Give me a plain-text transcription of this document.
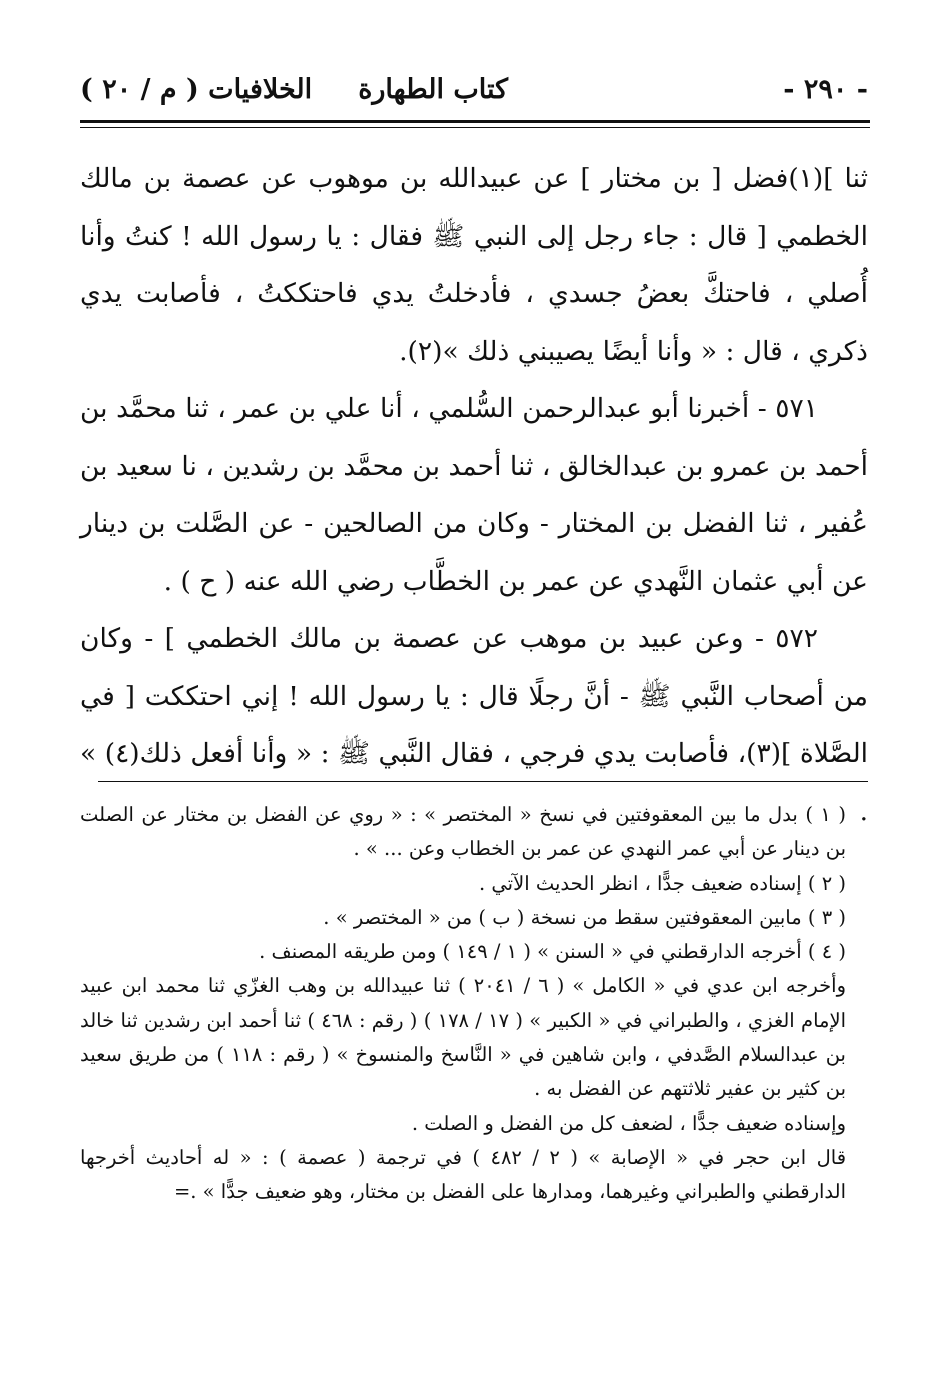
- ٢٩٠ -
كتاب الطهارة
الخلافيات ( م / ٢٠ )

ثنا ](١)فضل [ بن مختار ] عن عبيدالله بن موهوب عن عصمة بن مالك الخطمي [ قال : جاء رجل إلى النبي ﷺ فقال : يا رسول الله ! كنتُ وأنا أُصلي ، فاحتكَّ بعضُ جسدي ، فأدخلتُ يدي فاحتككتُ ، فأصابت يدي ذكري ، قال : « وأنا أيضًا يصيبني ذلك »(٢).

٥٧١ - أخبرنا أبو عبدالرحمن السُّلمي ، أنا علي بن عمر ، ثنا محمَّد بن أحمد بن عمرو بن عبدالخالق ، ثنا أحمد بن محمَّد بن رشدين ، نا سعيد بن عُفير ، ثنا الفضل بن المختار - وكان من الصالحين - عن الصَّلت بن دينار عن أبي عثمان النَّهدي عن عمر بن الخطَّاب رضي الله عنه ( ح ) .

٥٧٢ - وعن عبيد بن موهب عن عصمة بن مالك الخطمي ] - وكان من أصحاب النَّبي ﷺ - أنَّ رجلًا قال : يا رسول الله ! إني احتككت [ في الصَّلاة ](٣)، فأصابت يدي فرجي ، فقال النَّبي ﷺ : « وأنا أفعل ذلك(٤) » .

( ١ ) بدل ما بين المعقوفتين في نسخ « المختصر » : « روي عن الفضل بن مختار عن الصلت بن دينار عن أبي عمر النهدي عن عمر بن الخطاب وعن ... » .

( ٢ ) إسناده ضعيف جدًّا ، انظر الحديث الآتي .

( ٣ ) مابين المعقوفتين سقط من نسخة ( ب ) من « المختصر » .

( ٤ ) أخرجه الدارقطني في « السنن » ( ١ / ١٤٩ ) ومن طريقه المصنف .

وأخرجه ابن عدي في « الكامل » ( ٦ / ٢٠٤١ ) ثنا عبيدالله بن وهب الغزّي ثنا محمد ابن عبيد الإمام الغزي ، والطبراني في « الكبير » ( ١٧ / ١٧٨ ) ( رقم : ٤٦٨ ) ثنا أحمد ابن رشدين ثنا خالد بن عبدالسلام الصَّدفي ، وابن شاهين في « النَّاسخ والمنسوخ » ( رقم : ١١٨ ) من طريق سعيد بن كثير بن عفير ثلاثتهم عن الفضل به .

وإسناده ضعيف جدًّا ، لضعف كل من الفضل و الصلت .

قال ابن حجر في « الإصابة » ( ٢ / ٤٨٢ ) في ترجمة ( عصمة ) : « له أحاديث أخرجها الدارقطني والطبراني وغيرهما، ومدارها على الفضل بن مختار، وهو ضعيف جدًّا » .=
